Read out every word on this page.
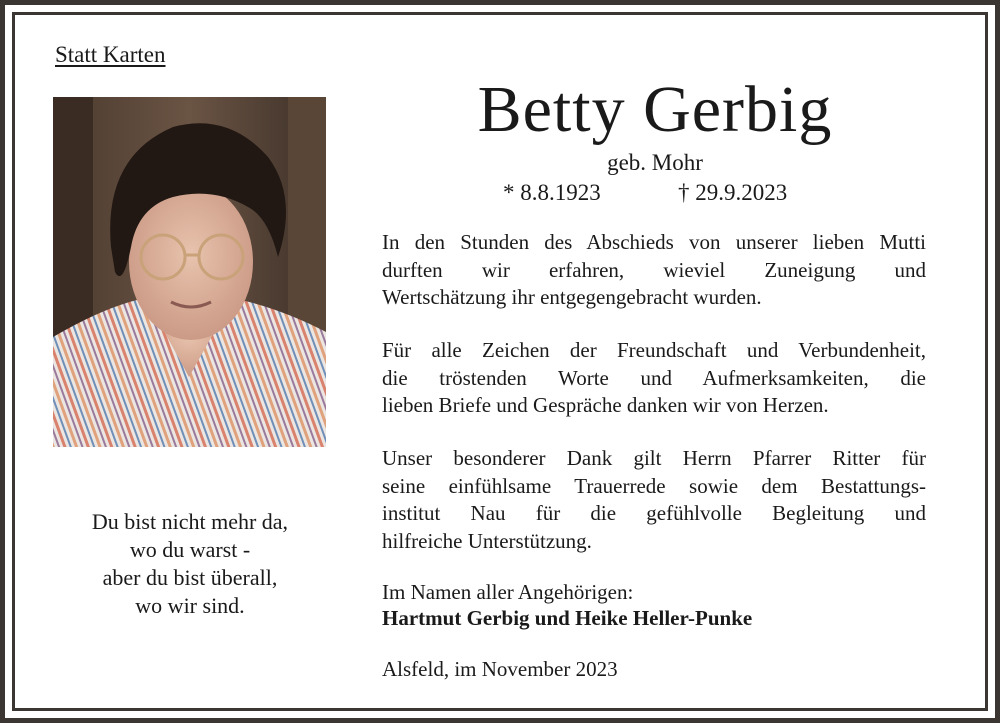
Statt Karten
Du bist nicht mehr da,
wo du warst -
aber du bist überall,
wo wir sind.
Betty Gerbig
geb. Mohr
* 8.8.1923	† 29.9.2023
In den Stunden des Abschieds von unserer lieben Mutti
durften wir erfahren, wieviel Zuneigung und
Wertschätzung ihr entgegengebracht wurden.
Für alle Zeichen der Freundschaft und Verbundenheit,
die tröstenden Worte und Aufmerksamkeiten, die
lieben Briefe und Gespräche danken wir von Herzen.
Unser besonderer Dank gilt Herrn Pfarrer Ritter für
seine einfühlsame Trauerrede sowie dem Bestattungs-
institut Nau für die gefühlvolle Begleitung und
hilfreiche Unterstützung.
Im Namen aller Angehörigen:
Hartmut Gerbig und Heike Heller-Punke
Alsfeld, im November 2023
